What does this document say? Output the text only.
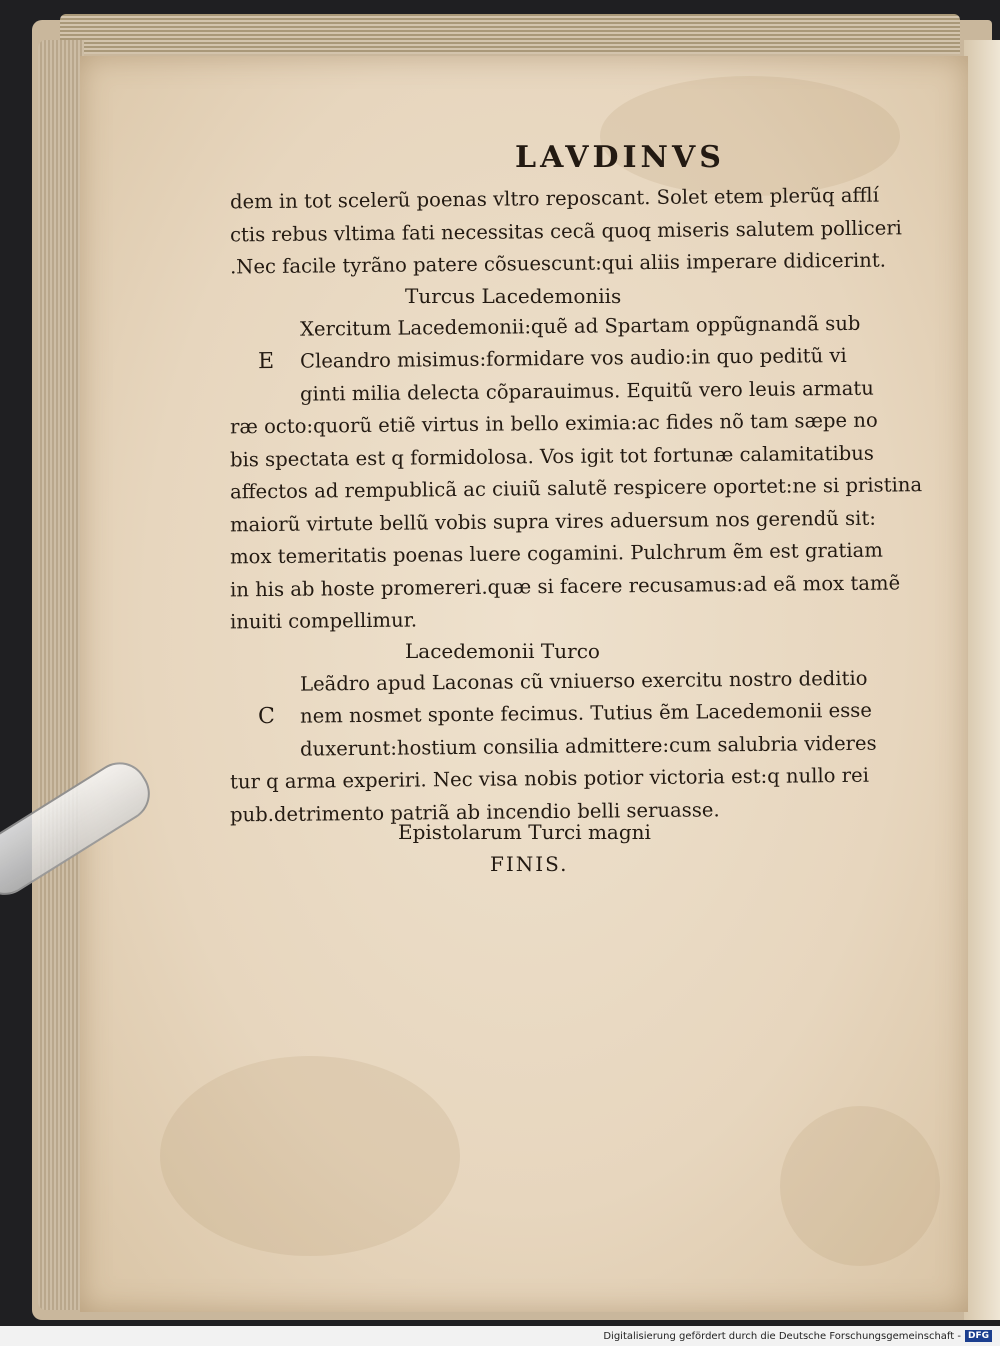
LAVDINVS
dem in tot scelerũ poenas vltro reposcant. Solet etem plerũq afflí
ctis rebus vltima fati necessitas cecã quoq miseris salutem polliceri
.Nec facile tyrãno patere cõsuescunt:qui aliis imperare didicerint.
Turcus Lacedemoniis
Xercitum Lacedemonii:quẽ ad Spartam oppũgnandã sub
E Cleandro misimus:formidare vos audio:in quo peditũ vi
ginti milia delecta cõparauimus. Equitũ vero leuis armatu
ræ octo:quorũ etiẽ virtus in bello eximia:ac fides nõ tam sæpe no
bis spectata est q formidolosa. Vos igit tot fortunæ calamitatibus
affectos ad rempublicã ac ciuiũ salutẽ respicere oportet:ne si pristina
maiorũ virtute bellũ vobis supra vires aduersum nos gerendũ sit:
mox temeritatis poenas luere cogamini. Pulchrum ẽm est gratiam
in his ab hoste promereri.quæ si facere recusamus:ad eã mox tamẽ
inuiti compellimur.
Lacedemonii Turco
Leãdro apud Laconas cũ vniuerso exercitu nostro deditio
C nem nosmet sponte fecimus. Tutius ẽm Lacedemonii esse
duxerunt:hostium consilia admittere:cum salubria videres
tur q arma experiri. Nec visa nobis potior victoria est:q nullo rei
pub.detrimento patriã ab incendio belli seruasse.
Epistolarum Turci magni
FINIS.
Digitalisierung gefördert durch die Deutsche Forschungsgemeinschaft - DFG
